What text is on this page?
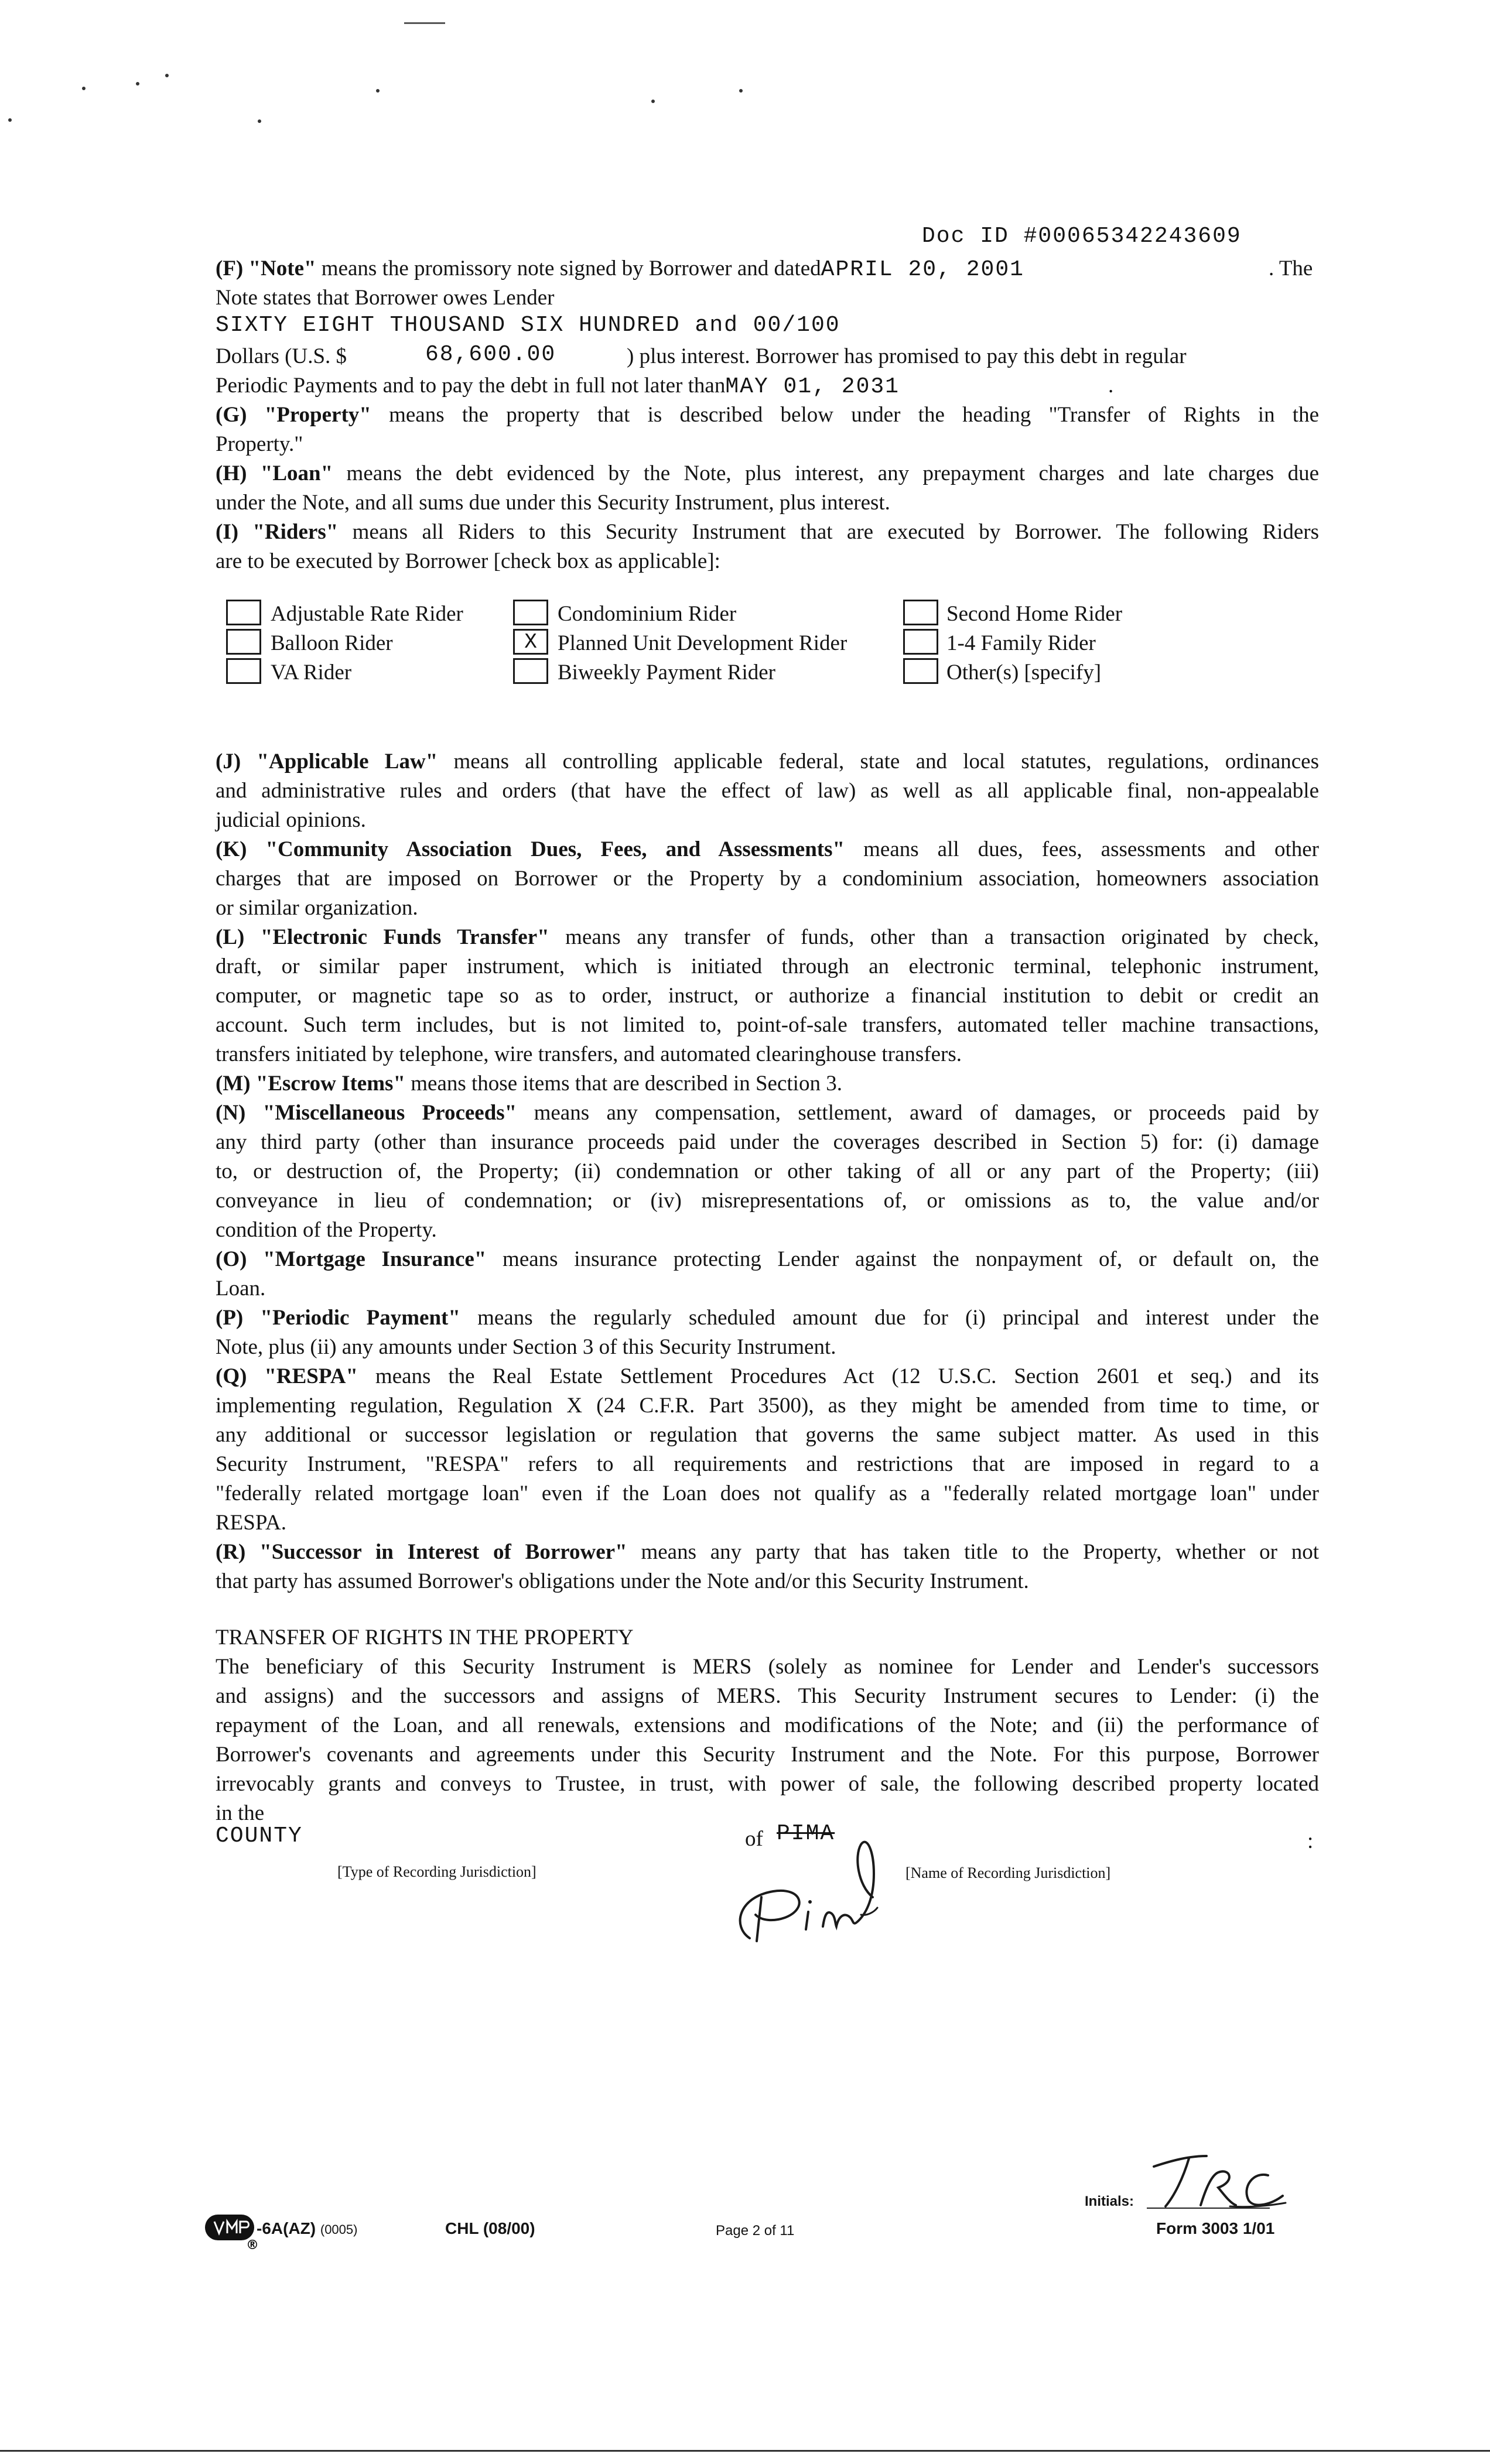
Doc ID #00065342243609
(F) "Note" means the promissory note signed by Borrower and datedAPRIL 20, 2001	. The
Note states that Borrower owes Lender
SIXTY EIGHT THOUSAND SIX HUNDRED and 00/100
Dollars (U.S. $	68,600.00	) plus interest. Borrower has promised to pay this debt in regular
Periodic Payments and to pay the debt in full not later thanMAY 01, 2031	.
(G) "Property" means the property that is described below under the heading "Transfer of Rights in the
Property."
(H) "Loan" means the debt evidenced by the Note, plus interest, any prepayment charges and late charges due
under the Note, and all sums due under this Security Instrument, plus interest.
(I) "Riders" means all Riders to this Security Instrument that are executed by Borrower. The following Riders
are to be executed by Borrower [check box as applicable]:
Adjustable Rate Rider	Condominium Rider	Second Home Rider
Balloon Rider	X Planned Unit Development Rider	1-4 Family Rider
VA Rider	Biweekly Payment Rider	Other(s) [specify]
(J) "Applicable Law" means all controlling applicable federal, state and local statutes, regulations, ordinances
and administrative rules and orders (that have the effect of law) as well as all applicable final, non-appealable
judicial opinions.
(K) "Community Association Dues, Fees, and Assessments" means all dues, fees, assessments and other
charges that are imposed on Borrower or the Property by a condominium association, homeowners association
or similar organization.
(L) "Electronic Funds Transfer" means any transfer of funds, other than a transaction originated by check,
draft, or similar paper instrument, which is initiated through an electronic terminal, telephonic instrument,
computer, or magnetic tape so as to order, instruct, or authorize a financial institution to debit or credit an
account. Such term includes, but is not limited to, point-of-sale transfers, automated teller machine transactions,
transfers initiated by telephone, wire transfers, and automated clearinghouse transfers.
(M) "Escrow Items" means those items that are described in Section 3.
(N) "Miscellaneous Proceeds" means any compensation, settlement, award of damages, or proceeds paid by
any third party (other than insurance proceeds paid under the coverages described in Section 5) for: (i) damage
to, or destruction of, the Property; (ii) condemnation or other taking of all or any part of the Property; (iii)
conveyance in lieu of condemnation; or (iv) misrepresentations of, or omissions as to, the value and/or
condition of the Property.
(O) "Mortgage Insurance" means insurance protecting Lender against the nonpayment of, or default on, the
Loan.
(P) "Periodic Payment" means the regularly scheduled amount due for (i) principal and interest under the
Note, plus (ii) any amounts under Section 3 of this Security Instrument.
(Q) "RESPA" means the Real Estate Settlement Procedures Act (12 U.S.C. Section 2601 et seq.) and its
implementing regulation, Regulation X (24 C.F.R. Part 3500), as they might be amended from time to time, or
any additional or successor legislation or regulation that governs the same subject matter. As used in this
Security Instrument, "RESPA" refers to all requirements and restrictions that are imposed in regard to a
"federally related mortgage loan" even if the Loan does not qualify as a "federally related mortgage loan" under
RESPA.
(R) "Successor in Interest of Borrower" means any party that has taken title to the Property, whether or not
that party has assumed Borrower's obligations under the Note and/or this Security Instrument.
TRANSFER OF RIGHTS IN THE PROPERTY
The beneficiary of this Security Instrument is MERS (solely as nominee for Lender and Lender's successors
and assigns) and the successors and assigns of MERS. This Security Instrument secures to Lender: (i) the
repayment of the Loan, and all renewals, extensions and modifications of the Note; and (ii) the performance of
Borrower's covenants and agreements under this Security Instrument and the Note. For this purpose, Borrower
irrevocably grants and conveys to Trustee, in trust, with power of sale, the following described property located
in the
COUNTY	of PIMA	:
[Type of Recording Jurisdiction]	[Name of Recording Jurisdiction]
®
-6A(AZ) (0005)	CHL (08/00)	Page 2 of 11
Initials:
Form 3003 1/01
